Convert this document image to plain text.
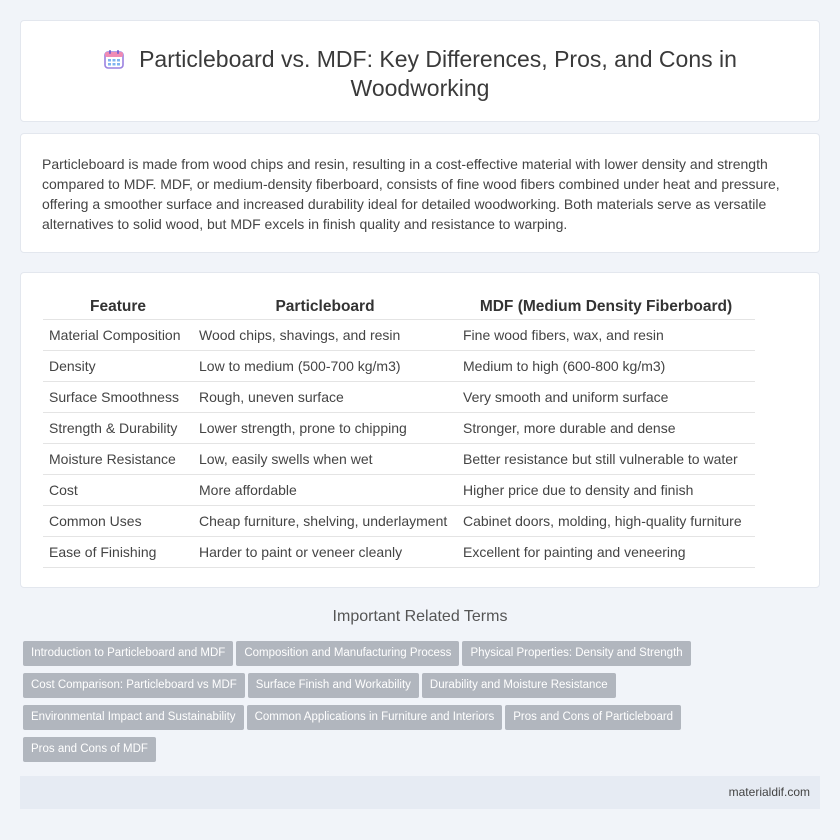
Particleboard vs. MDF: Key Differences, Pros, and Cons in Woodworking

Particleboard is made from wood chips and resin, resulting in a cost-effective material with lower density and strength compared to MDF. MDF, or medium-density fiberboard, consists of fine wood fibers combined under heat and pressure, offering a smoother surface and increased durability ideal for detailed woodworking. Both materials serve as versatile alternatives to solid wood, but MDF excels in finish quality and resistance to warping.

Feature	Particleboard	MDF (Medium Density Fiberboard)
Material Composition	Wood chips, shavings, and resin	Fine wood fibers, wax, and resin
Density	Low to medium (500-700 kg/m3)	Medium to high (600-800 kg/m3)
Surface Smoothness	Rough, uneven surface	Very smooth and uniform surface
Strength & Durability	Lower strength, prone to chipping	Stronger, more durable and dense
Moisture Resistance	Low, easily swells when wet	Better resistance but still vulnerable to water
Cost	More affordable	Higher price due to density and finish
Common Uses	Cheap furniture, shelving, underlayment	Cabinet doors, molding, high-quality furniture
Ease of Finishing	Harder to paint or veneer cleanly	Excellent for painting and veneering
Important Related Terms
Introduction to Particleboard and MDF Composition and Manufacturing Process Physical Properties: Density and Strength
Cost Comparison: Particleboard vs MDF Surface Finish and Workability Durability and Moisture Resistance
Environmental Impact and Sustainability Common Applications in Furniture and Interiors Pros and Cons of Particleboard
Pros and Cons of MDF
materialdif.com
